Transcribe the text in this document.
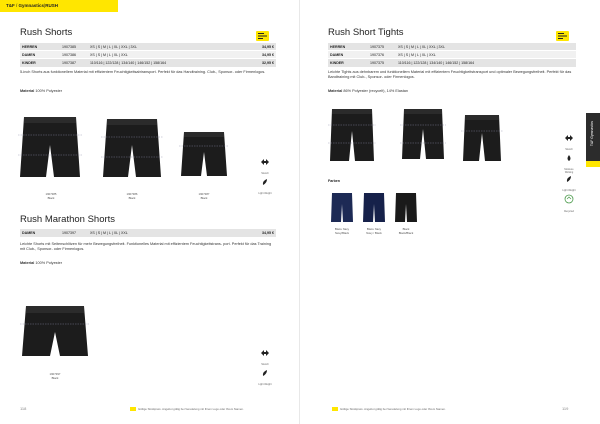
T&F / Gymnastics|RUSH
Rush Shorts
HERREN	1907385	XS | S | M | L | XL | XXL | 3XL	34,95 €
DAMEN	1907386	XS | S | M | L | XL | XXL	34,95 €
KINDER	1907387	110/116 | 122/128 | 134/140 | 146/152 | 158/164	32,95 €
5-inch Shorts aus funktionellem Material mit effizientem Feuchtigkeitsabtransport. Perfekt für das Handtraining. Club-, Sponsor- oder Firmenlogos.
Material 100% Polyester
1907385
Black
1907386
Black
1907387
Black
Stretch
Light Weight
Rush Marathon Shorts
DAMEN	1907397	XS | S | M | L | XL | XXL	34,95 €
Leichte Shorts mit Seitenschlitzen für mehr Bewegungsfreiheit. Funktionelles Material mit effizientem Feuchtigkeitstrans- port. Perfekt für das Training mit Club-, Sponsor- oder Firmenlogos.
Material 100% Polyester
1907397
Black
Stretch
Light Weight
118	Gültige Stückpreis. Angebot gültig bei Veredelung mit Ihrem Logo oder Ihrem Namen.
Rush Short Tights
HERREN	1907375	XS | S | M | L | XL | XXL | 3XL	
DAMEN	1907376	XS | S | M | L | XL | XXL	
KINDER	1907375	110/116 | 122/128 | 134/140 | 146/152 | 158/164	
Leichte Tights aus dehnbarem und funktionellem Material mit effizientem Feuchtigkeitstransport und optimaler Bewegungsfreiheit. Perfekt für das Bandtraining mit Club-, Sponsor- oder Firmenlogos.
Material 86% Polyester (recycelt), 14% Elastan
Farben
Blaze Navy
Navy/Black
Blaze Navy
Navy / Black
Black
Black/Black
Stretch
Moisture Wicking
Light Weight
Recycled
Gültige Stückpreis. Angebot gültig bei Veredelung mit Ihrem Logo oder Ihrem Namen.	119
T&F Gymnastics
